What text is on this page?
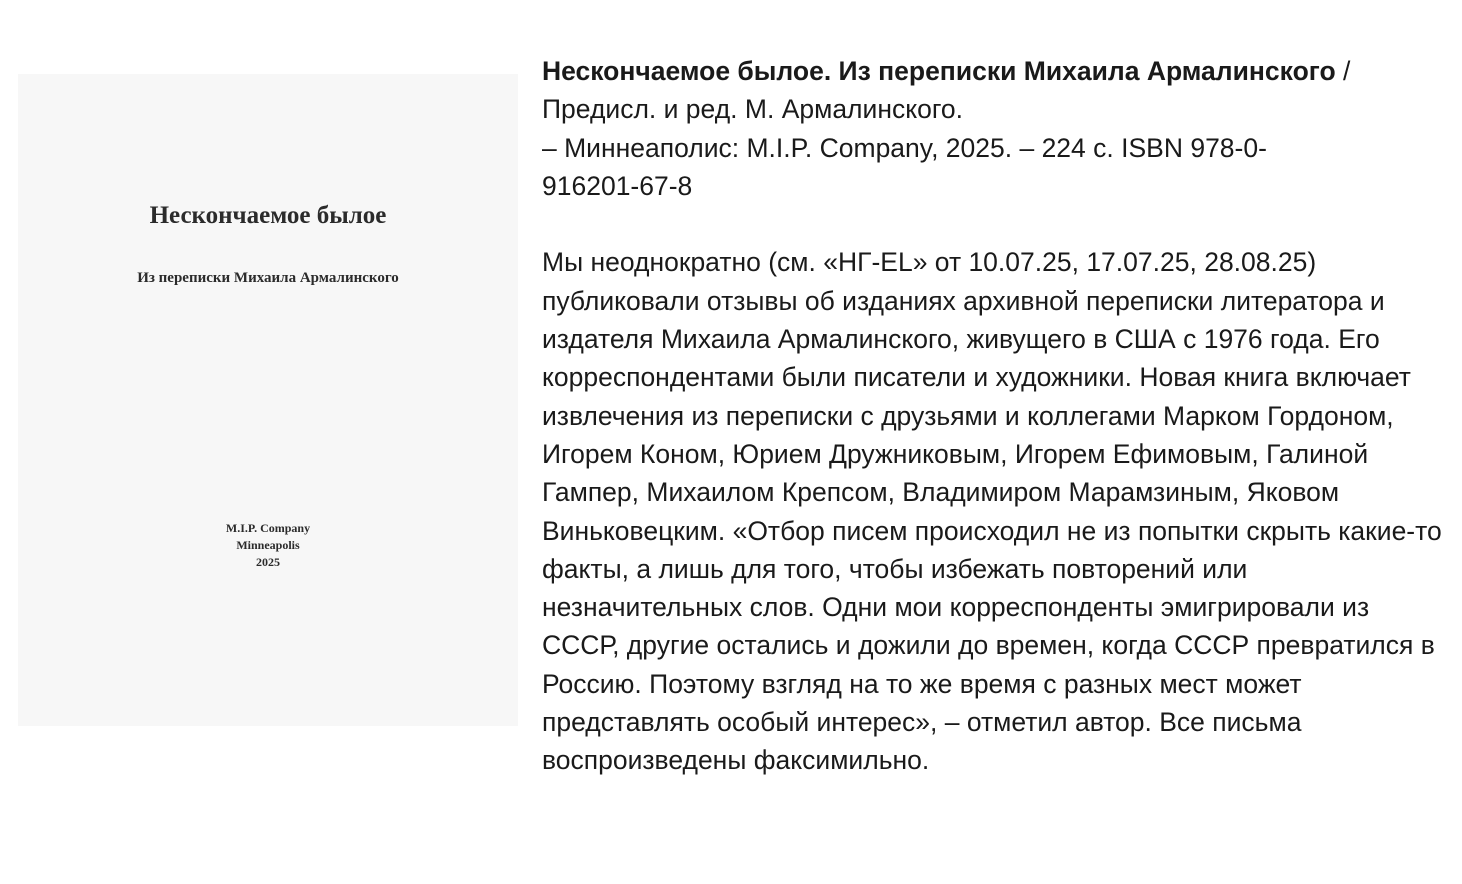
Нескончаемое былое
Из переписки Михаила Армалинского
M.I.P. Company
Minneapolis
2025

Нескончаемое былое. Из переписки Михаила Армалинского / Предисл. и ред. М. Армалинского.
– Миннеаполис: M.I.P. Company, 2025. – 224 с. ISBN 978-0-
916201-67-8

Мы неоднократно (см. «НГ-EL» от 10.07.25, 17.07.25, 28.08.25) публиковали отзывы об изданиях архивной переписки литератора и издателя Михаила Армалинского, живущего в США с 1976 года. Его корреспондентами были писатели и художники. Новая книга включает извлечения из переписки с друзьями и коллегами Марком Гордоном, Игорем Коном, Юрием Дружниковым, Игорем Ефимовым, Галиной Гампер, Михаилом Крепсом, Владимиром Марамзиным, Яковом Виньковецким. «Отбор писем происходил не из попытки скрыть какие-то факты, а лишь для того, чтобы избежать повторений или незначительных слов. Одни мои корреспонденты эмигрировали из СССР, другие остались и дожили до времен, когда СССР превратился в Россию. Поэтому взгляд на то же время с разных мест может представлять особый интерес», – отметил автор. Все письма воспроизведены факсимильно.
